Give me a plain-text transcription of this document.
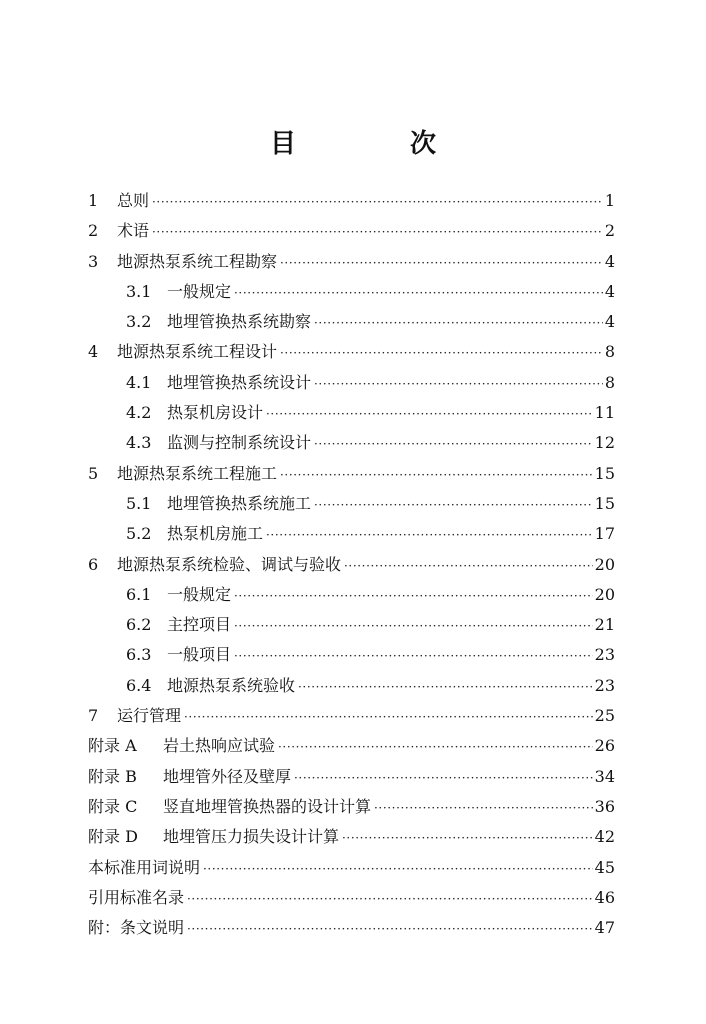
目　次
1	总则 ·····	1
2	术语 ·····	2
3	地源热泵系统工程勘察 ·····	4
3.1 一般规定 ·····	4
3.2 地埋管换热系统勘察 ·····	4
4	地源热泵系统工程设计 ·····	8
4.1 地埋管换热系统设计 ·····	8
4.2 热泵机房设计 ·····	11
4.3 监测与控制系统设计 ·····	12
5	地源热泵系统工程施工 ·····	15
5.1 地埋管换热系统施工 ·····	15
5.2 热泵机房施工 ·····	17
6	地源热泵系统检验、调试与验收 ·····	20
6.1 一般规定 ·····	20
6.2 主控项目 ·····	21
6.3 一般项目 ·····	23
6.4 地源热泵系统验收 ·····	23
7	运行管理 ·····	25
附录 A	岩土热响应试验 ·····	26
附录 B	地埋管外径及壁厚 ·····	34
附录 C	竖直地埋管换热器的设计计算 ·····	36
附录 D	地埋管压力损失设计计算 ·····	42
本标准用词说明 ·····	45
引用标准名录 ·····	46
附：条文说明 ·····	47
